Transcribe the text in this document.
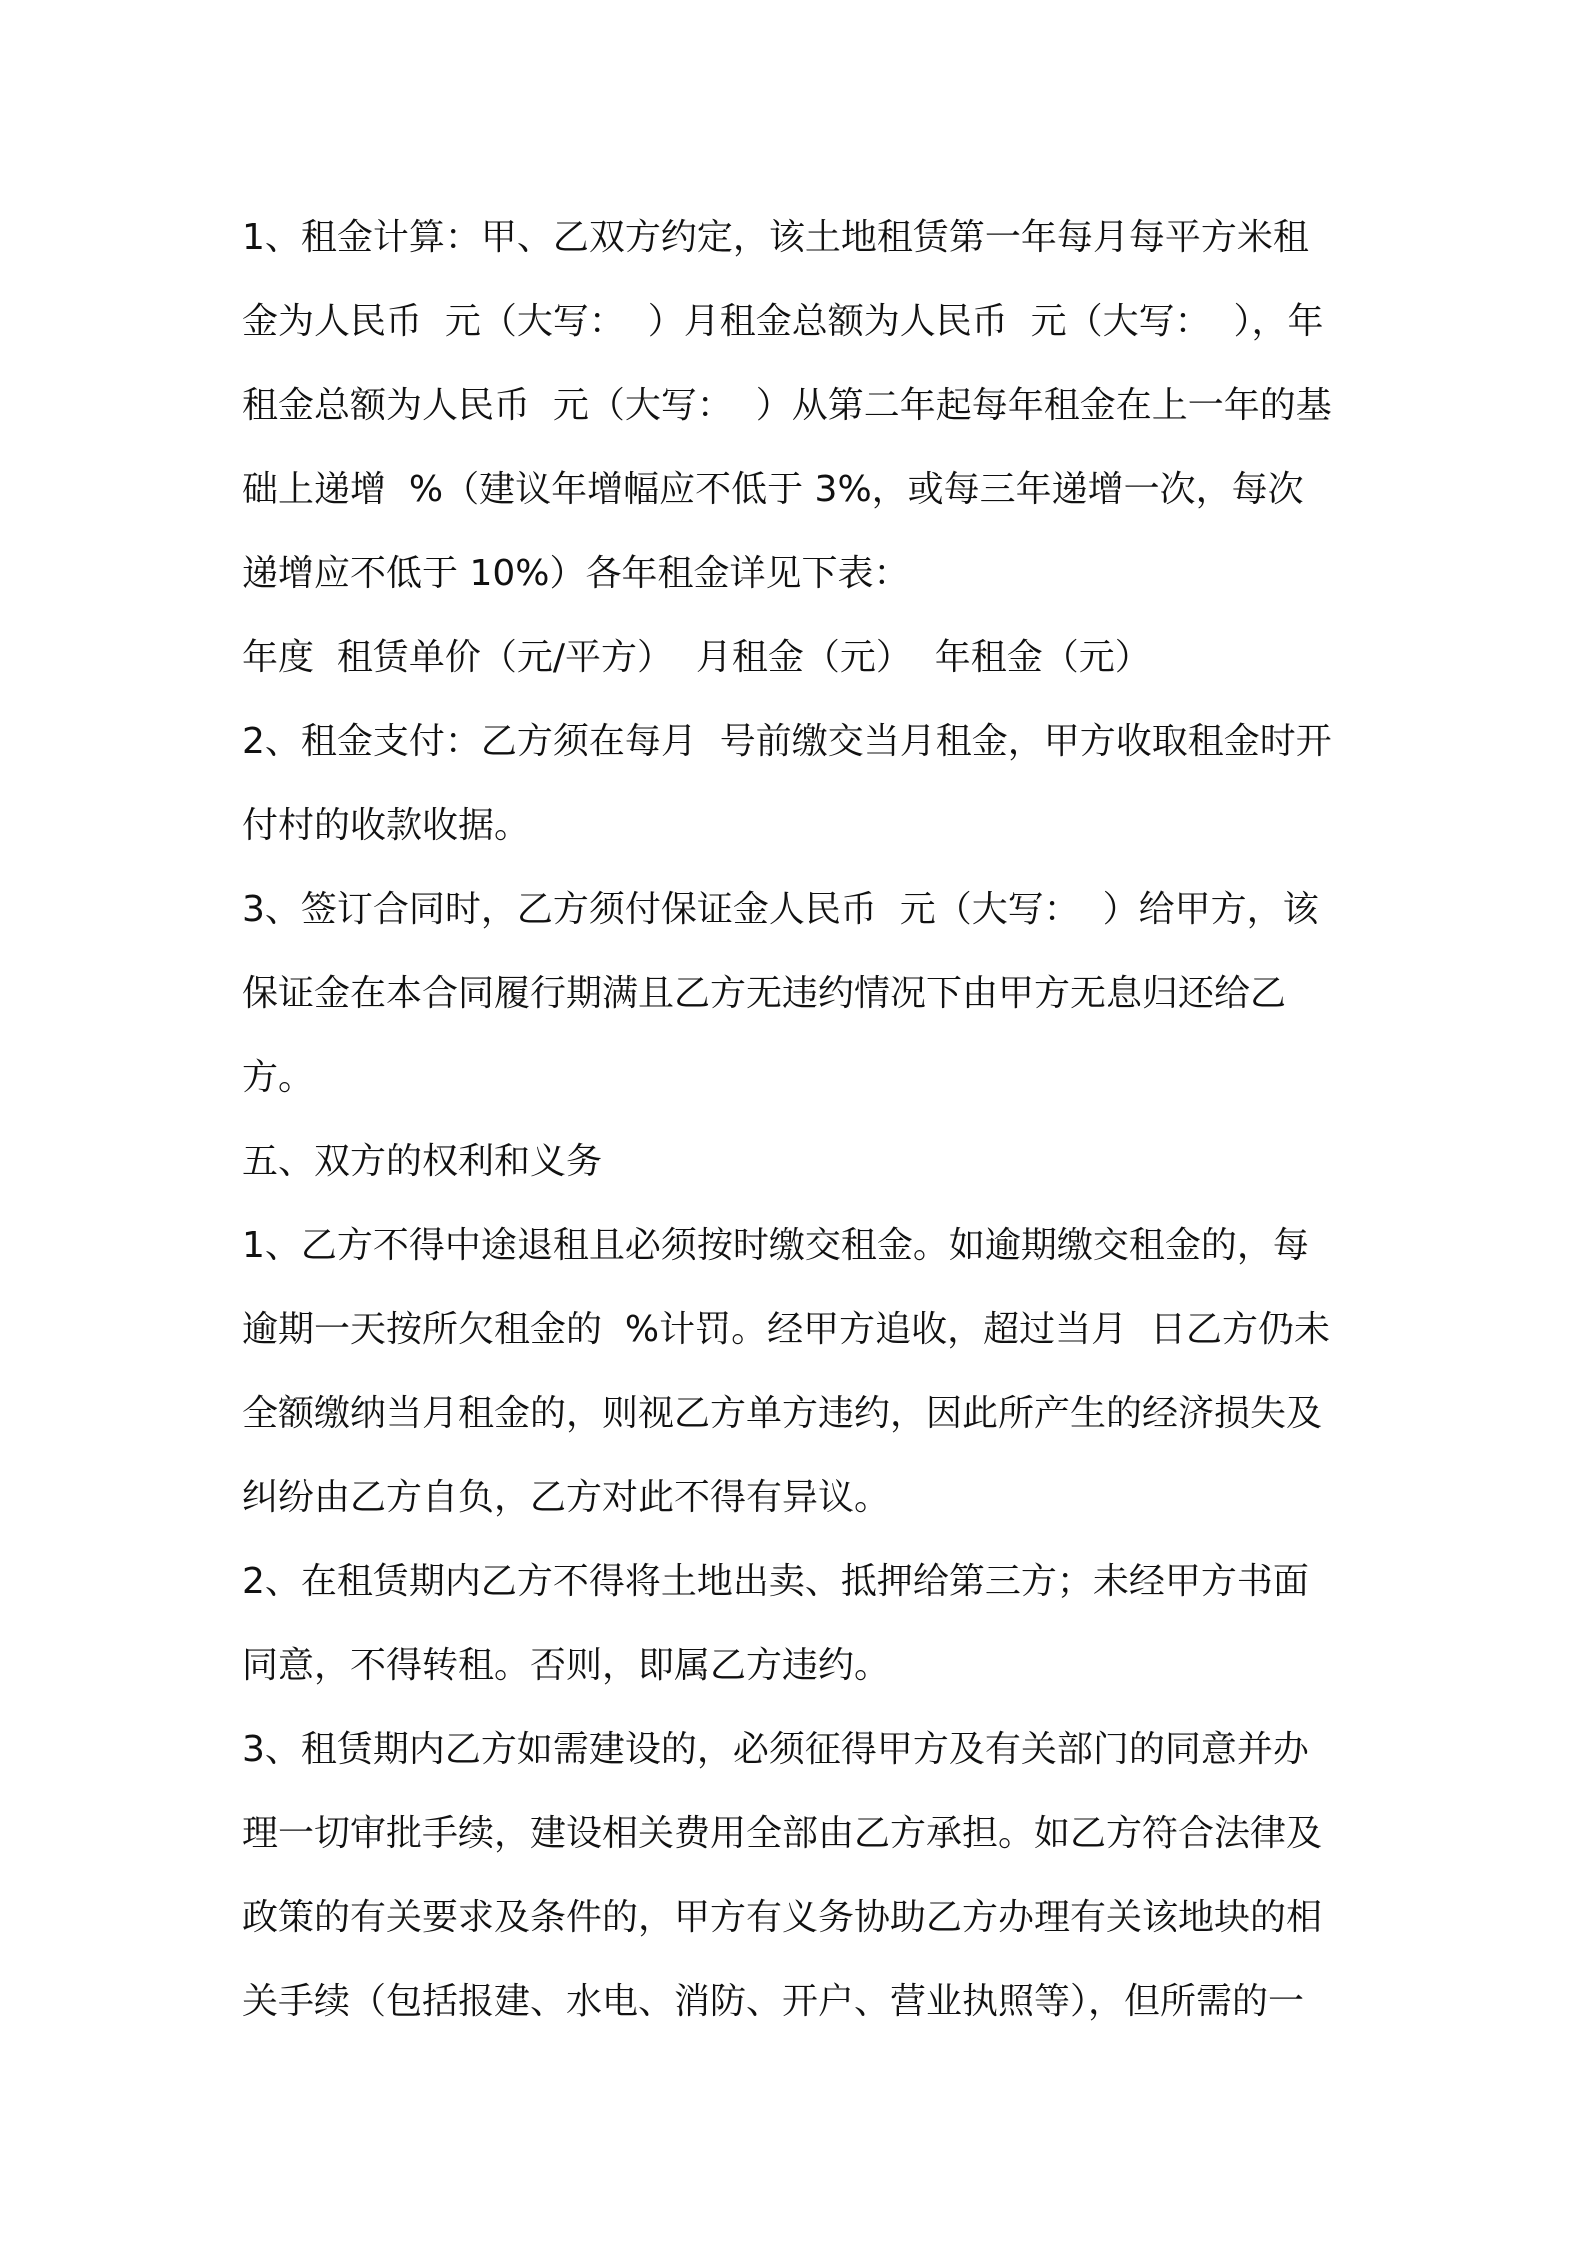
1、租金计算：甲、乙双方约定，该土地租赁第一年每月每平方米租
金为人民币  元（大写：  ）月租金总额为人民币  元（大写：  ），年
租金总额为人民币  元（大写：  ）从第二年起每年租金在上一年的基
础上递增  %（建议年增幅应不低于 3%，或每三年递增一次，每次
递增应不低于 10%）各年租金详见下表：
年度  租赁单价（元/平方）  月租金（元）  年租金（元）
2、租金支付：乙方须在每月  号前缴交当月租金，甲方收取租金时开
付村的收款收据。
3、签订合同时，乙方须付保证金人民币  元（大写：  ）给甲方，该
保证金在本合同履行期满且乙方无违约情况下由甲方无息归还给乙
方。
五、双方的权利和义务
1、乙方不得中途退租且必须按时缴交租金。如逾期缴交租金的，每
逾期一天按所欠租金的  %计罚。经甲方追收，超过当月  日乙方仍未
全额缴纳当月租金的，则视乙方单方违约，因此所产生的经济损失及
纠纷由乙方自负，乙方对此不得有异议。
2、在租赁期内乙方不得将土地出卖、抵押给第三方；未经甲方书面
同意，不得转租。否则，即属乙方违约。
3、租赁期内乙方如需建设的，必须征得甲方及有关部门的同意并办
理一切审批手续，建设相关费用全部由乙方承担。如乙方符合法律及
政策的有关要求及条件的，甲方有义务协助乙方办理有关该地块的相
关手续（包括报建、水电、消防、开户、营业执照等），但所需的一
